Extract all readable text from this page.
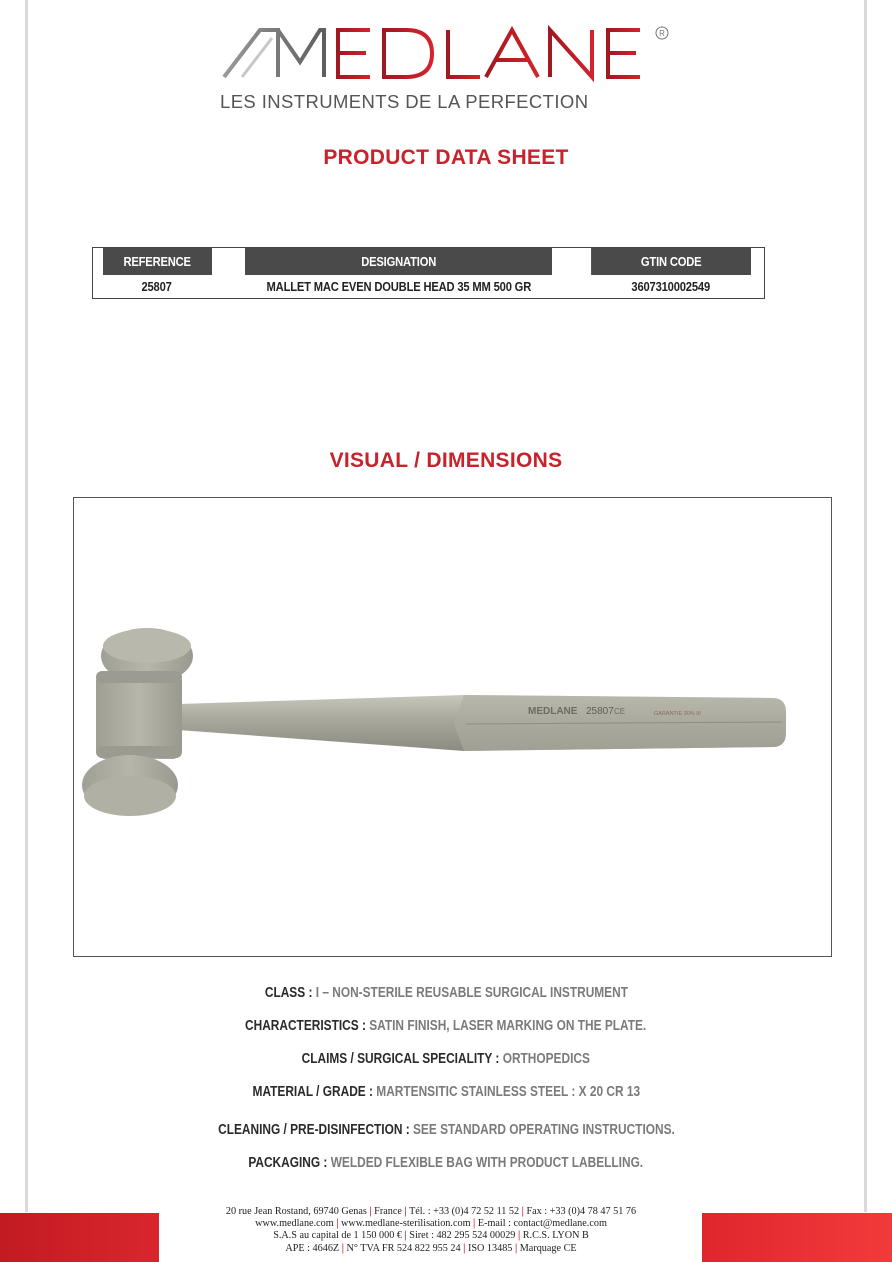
R
LES INSTRUMENTS DE LA PERFECTION
PRODUCT DATA SHEET
REFERENCE	DESIGNATION	GTIN CODE
25807	MALLET MAC EVEN DOUBLE HEAD 35 MM 500 GR	3607310002549
VISUAL / DIMENSIONS
MEDLANE 25807 CE	GARANTIE 30% III
CLASS : I – NON-STERILE REUSABLE SURGICAL INSTRUMENT
CHARACTERISTICS : SATIN FINISH, LASER MARKING ON THE PLATE.
CLAIMS / SURGICAL SPECIALITY : ORTHOPEDICS
MATERIAL / GRADE : MARTENSITIC STAINLESS STEEL : X 20 CR 13
CLEANING / PRE-DISINFECTION : SEE STANDARD OPERATING INSTRUCTIONS.
PACKAGING : WELDED FLEXIBLE BAG WITH PRODUCT LABELLING.
20 rue Jean Rostand, 69740 Genas | France | Tél. : +33 (0)4 72 52 11 52 | Fax : +33 (0)4 78 47 51 76
www.medlane.com | www.medlane-sterilisation.com | E-mail : contact@medlane.com
S.A.S au capital de 1 150 000 € | Siret : 482 295 524 00029 | R.C.S. LYON B
APE : 4646Z | N° TVA FR 524 822 955 24 | ISO 13485 | Marquage CE
